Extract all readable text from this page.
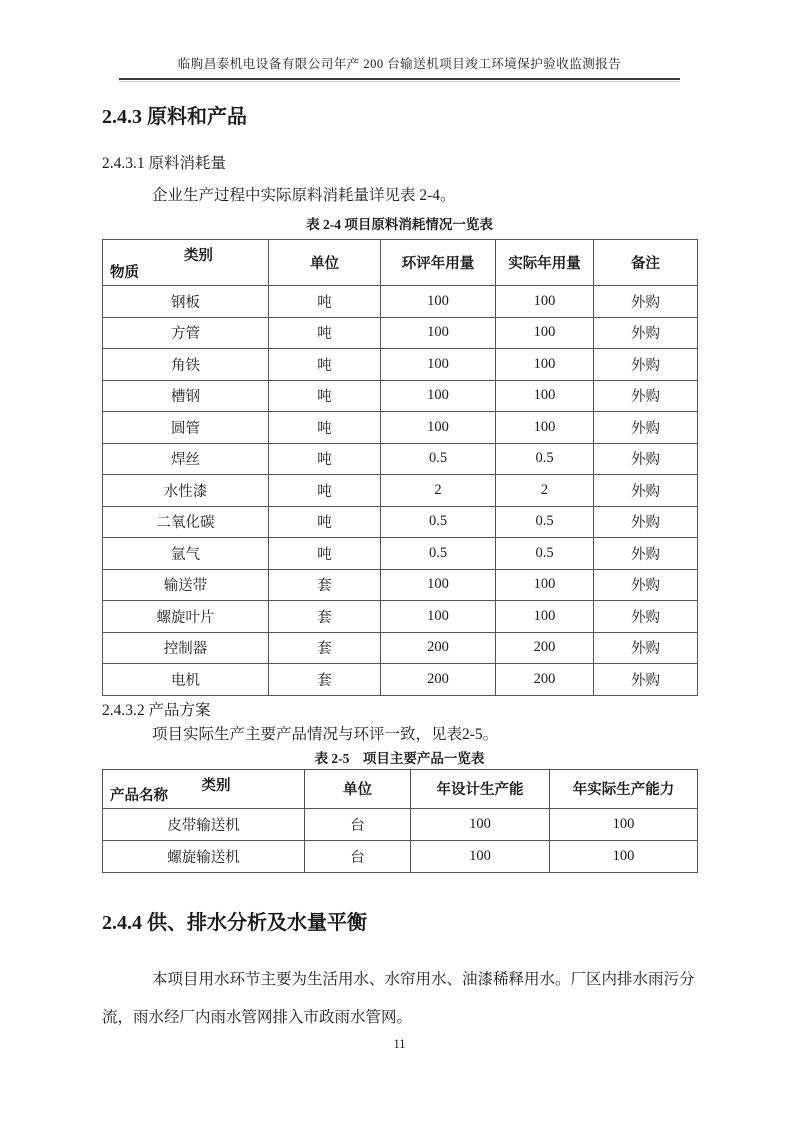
临朐昌泰机电设备有限公司年产 200 台输送机项目竣工环境保护验收监测报告
2.4.3 原料和产品
2.4.3.1 原料消耗量

企业生产过程中实际原料消耗量详见表 2-4。

表 2-4 项目原料消耗情况一览表
类别
物质	单位	环评年用量	实际年用量	备注
钢板	吨	100	100	外购
方管	吨	100	100	外购
角铁	吨	100	100	外购
槽钢	吨	100	100	外购
圆管	吨	100	100	外购
焊丝	吨	0.5	0.5	外购
水性漆	吨	2	2	外购
二氧化碳	吨	0.5	0.5	外购
氩气	吨	0.5	0.5	外购
输送带	套	100	100	外购
螺旋叶片	套	100	100	外购
控制器	套	200	200	外购
电机	套	200	200	外购
2.4.3.2 产品方案

项目实际生产主要产品情况与环评一致，见表2-5。

表 2-5　项目主要产品一览表
类别
产品名称	单位	年设计生产能	年实际生产能力
皮带输送机	台	100	100
螺旋输送机	台	100	100
2.4.4 供、排水分析及水量平衡

本项目用水环节主要为生活用水、水帘用水、油漆稀释用水。厂区内排水雨污分流，雨水经厂内雨水管网排入市政雨水管网。

11
